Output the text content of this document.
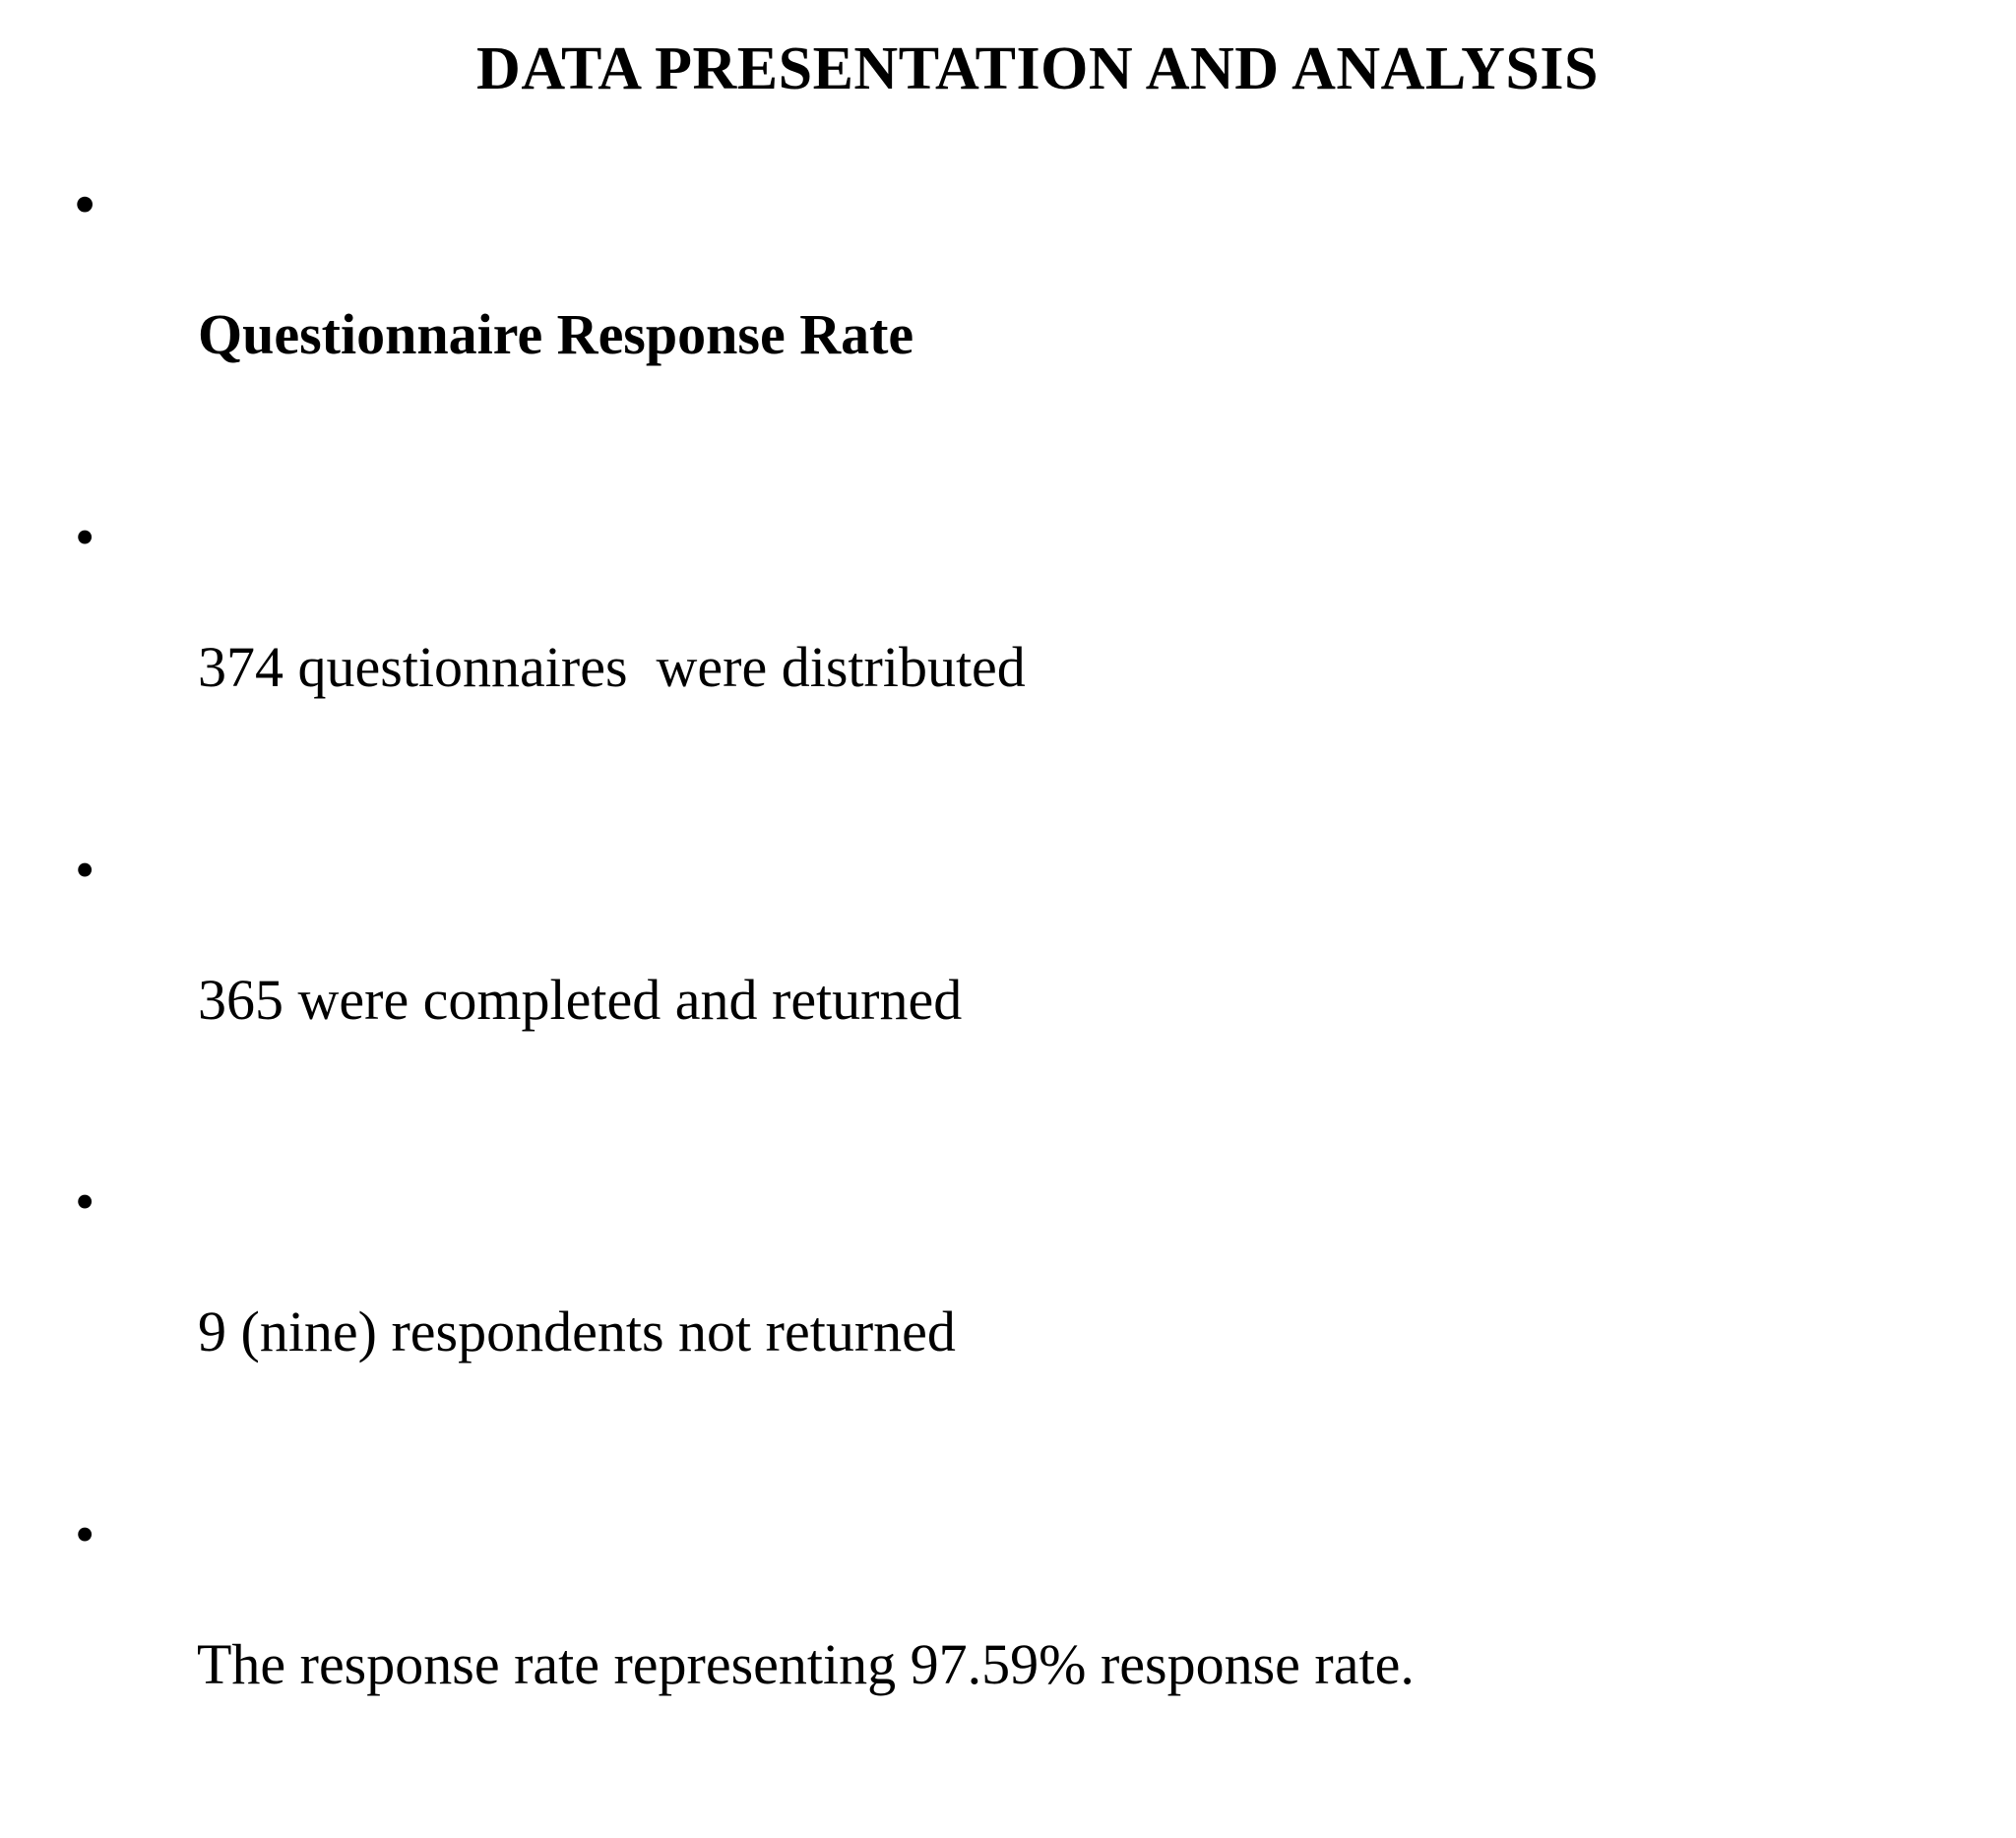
DATA PRESENTATION AND ANALYSIS

•

Questionnaire Response Rate

•

374 questionnaires  were distributed

•

365 were completed and returned

•

9 (nine) respondents not returned

•

The response rate representing 97.59% response rate.
